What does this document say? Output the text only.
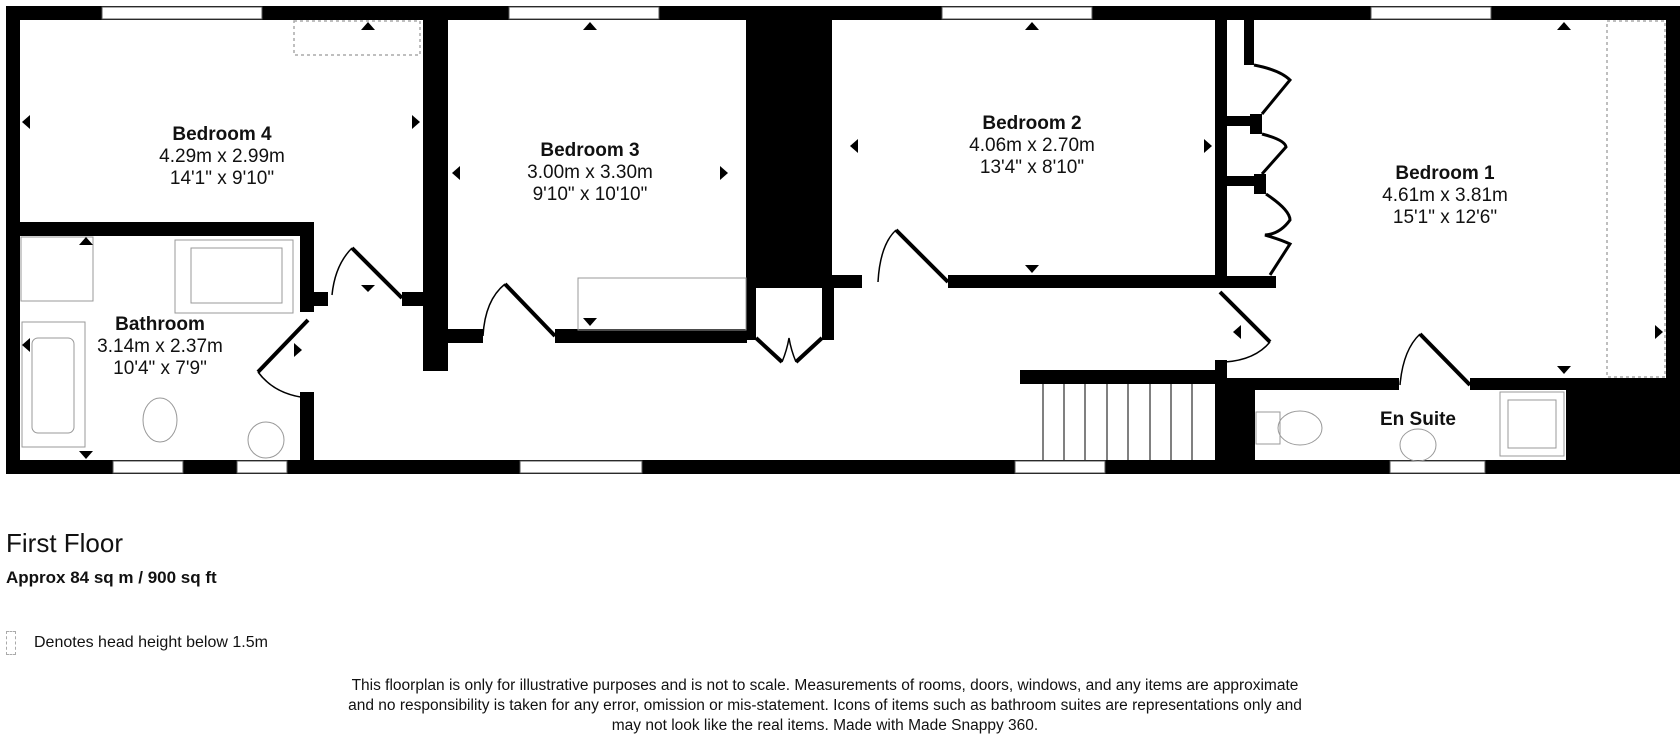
Bedroom 4
4.29m x 2.99m
14'1" x 9'10"
Bedroom 3
3.00m x 3.30m
9'10" x 10'10"
Bedroom 2
4.06m x 2.70m
13'4" x 8'10"	Bedroom 1
4.61m x 3.81m
15'1" x 12'6"
Bathroom
3.14m x 2.37m
10'4" x 7'9"
En Suite
First Floor
Approx 84 sq m / 900 sq ft
Denotes head height below 1.5m
This floorplan is only for illustrative purposes and is not to scale. Measurements of rooms, doors, windows, and any items are approximate
and no responsibility is taken for any error, omission or mis-statement. Icons of items such as bathroom suites are representations only and
may not look like the real items. Made with Made Snappy 360.
